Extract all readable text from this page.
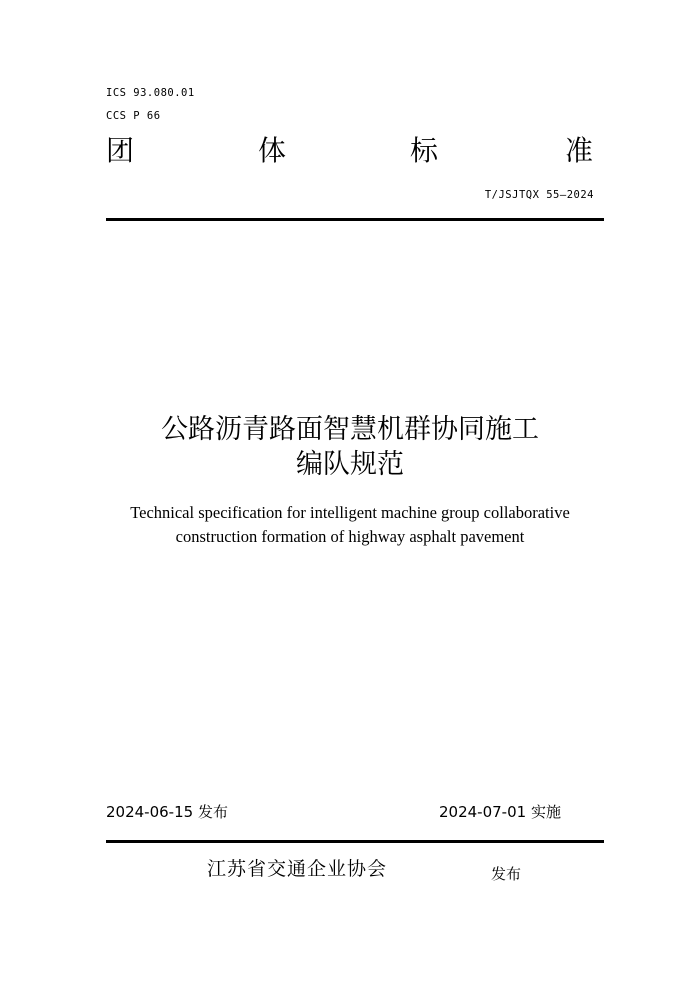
ICS 93.080.01
CCS P 66
团	体	标	准
T/JSJTQX 55—2024
公路沥青路面智慧机群协同施工
编队规范
Technical specification for intelligent machine group collaborative
construction formation of highway asphalt pavement
2024-06-15 发布	2024-07-01 实施
江苏省交通企业协会	发布
